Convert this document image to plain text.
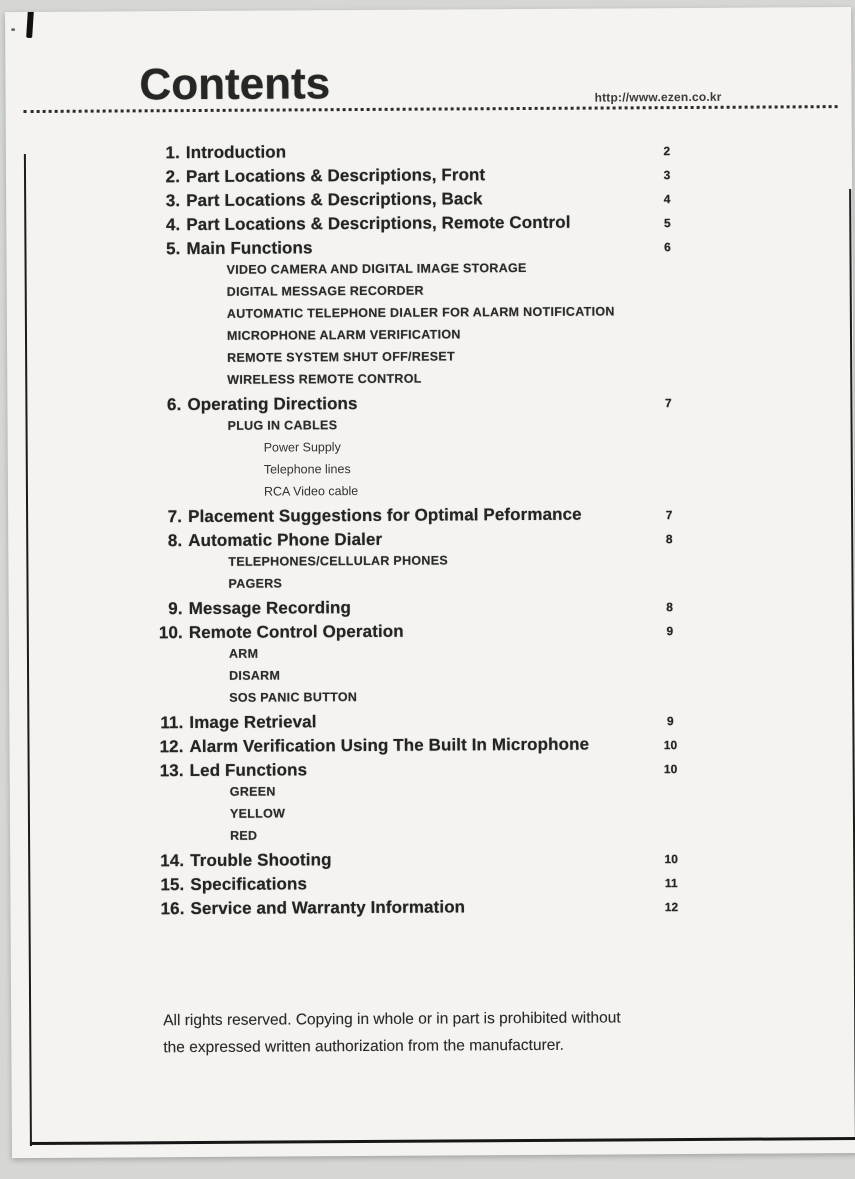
Contents	http://www.ezen.co.kr
1. Introduction	2
2. Part Locations & Descriptions, Front	3
3. Part Locations & Descriptions, Back	4
4. Part Locations & Descriptions, Remote Control	5
5. Main Functions	6
VIDEO CAMERA AND DIGITAL IMAGE STORAGE
DIGITAL MESSAGE RECORDER
AUTOMATIC TELEPHONE DIALER FOR ALARM NOTIFICATION
MICROPHONE ALARM VERIFICATION
REMOTE SYSTEM SHUT OFF/RESET
WIRELESS REMOTE CONTROL
6. Operating Directions	7
PLUG IN CABLES
Power Supply
Telephone lines
RCA Video cable
7. Placement Suggestions for Optimal Peformance	7
8. Automatic Phone Dialer	8
TELEPHONES/CELLULAR PHONES
PAGERS
9. Message Recording	8
10. Remote Control Operation	9
ARM
DISARM
SOS PANIC BUTTON
11. Image Retrieval	9
12. Alarm Verification Using The Built In Microphone	10
13. Led Functions	10
GREEN
YELLOW
RED
14. Trouble Shooting	10
15. Specifications	11
16. Service and Warranty Information	12
All rights reserved. Copying in whole or in part is prohibited without
the expressed written authorization from the manufacturer.
